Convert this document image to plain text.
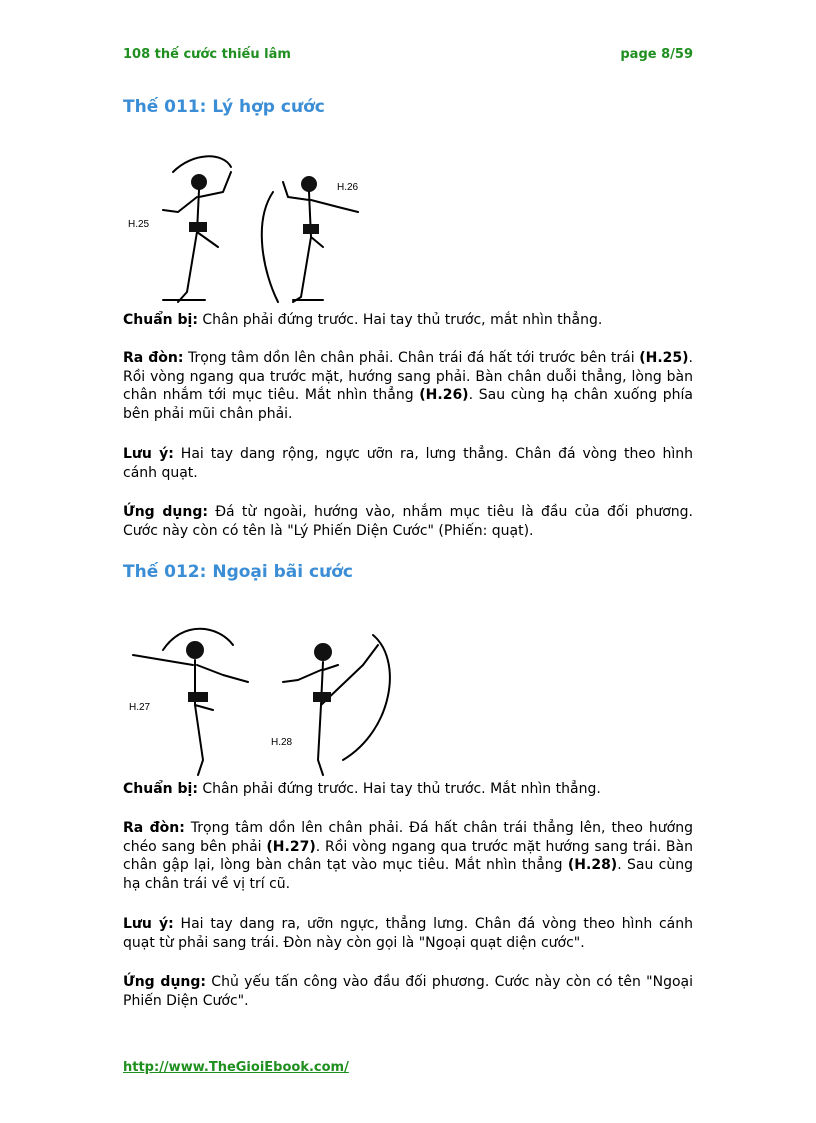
108 thế cước thiếu lâm	page 8/59
Thế 011: Lý hợp cước
H.25
H.26
Chuẩn bị: Chân phải đứng trước. Hai tay thủ trước, mắt nhìn thẳng.
Ra đòn: Trọng tâm dồn lên chân phải. Chân trái đá hất tới trước bên trái (H.25). Rồi vòng ngang qua trước mặt, hướng sang phải. Bàn chân duỗi thẳng, lòng bàn chân nhắm tới mục tiêu. Mắt nhìn thẳng (H.26). Sau cùng hạ chân xuống phía bên phải mũi chân phải.
Lưu ý: Hai tay dang rộng, ngực ưỡn ra, lưng thẳng. Chân đá vòng theo hình cánh quạt.
Ứng dụng: Đá từ ngoài, hướng vào, nhắm mục tiêu là đầu của đối phương. Cước này còn có tên là "Lý Phiến Diện Cước" (Phiến: quạt).
Thế 012: Ngoại bãi cước
H.27
H.28
Chuẩn bị: Chân phải đứng trước. Hai tay thủ trước. Mắt nhìn thẳng.
Ra đòn: Trọng tâm dồn lên chân phải. Đá hất chân trái thẳng lên, theo hướng chéo sang bên phải (H.27). Rồi vòng ngang qua trước mặt hướng sang trái. Bàn chân gập lại, lòng bàn chân tạt vào mục tiêu. Mắt nhìn thẳng (H.28). Sau cùng hạ chân trái về vị trí cũ.
Lưu ý: Hai tay dang ra, ưỡn ngực, thẳng lưng. Chân đá vòng theo hình cánh quạt từ phải sang trái. Đòn này còn gọi là "Ngoại quạt diện cước".
Ứng dụng: Chủ yếu tấn công vào đầu đối phương. Cước này còn có tên "Ngoại Phiến Diện Cước".
http://www.TheGioiEbook.com/
